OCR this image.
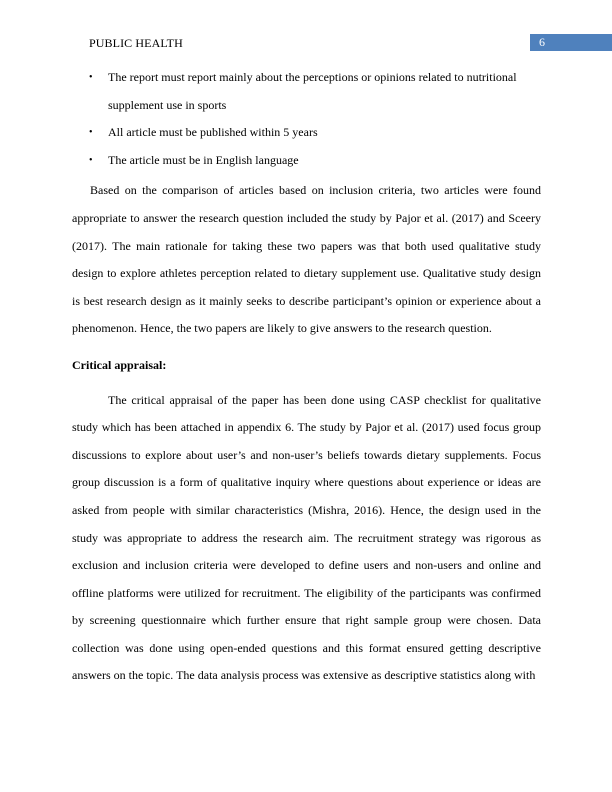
PUBLIC HEALTH	6
• The report must report mainly about the perceptions or opinions related to nutritional supplement use in sports
• All article must be published within 5 years
• The article must be in English language

Based on the comparison of articles based on inclusion criteria, two articles were found appropriate to answer the research question included the study by Pajor et al. (2017) and Sceery (2017). The main rationale for taking these two papers was that both used qualitative study design to explore athletes perception related to dietary supplement use. Qualitative study design is best research design as it mainly seeks to describe participant’s opinion or experience about a phenomenon. Hence, the two papers are likely to give answers to the research question.

Critical appraisal:

The critical appraisal of the paper has been done using CASP checklist for qualitative study which has been attached in appendix 6. The study by Pajor et al. (2017) used focus group discussions to explore about user’s and non-user’s beliefs towards dietary supplements. Focus group discussion is a form of qualitative inquiry where questions about experience or ideas are asked from people with similar characteristics (Mishra, 2016). Hence, the design used in the study was appropriate to address the research aim. The recruitment strategy was rigorous as exclusion and inclusion criteria were developed to define users and non-users and online and offline platforms were utilized for recruitment. The eligibility of the participants was confirmed by screening questionnaire which further ensure that right sample group were chosen. Data collection was done using open-ended questions and this format ensured getting descriptive answers on the topic. The data analysis process was extensive as descriptive statistics along with
